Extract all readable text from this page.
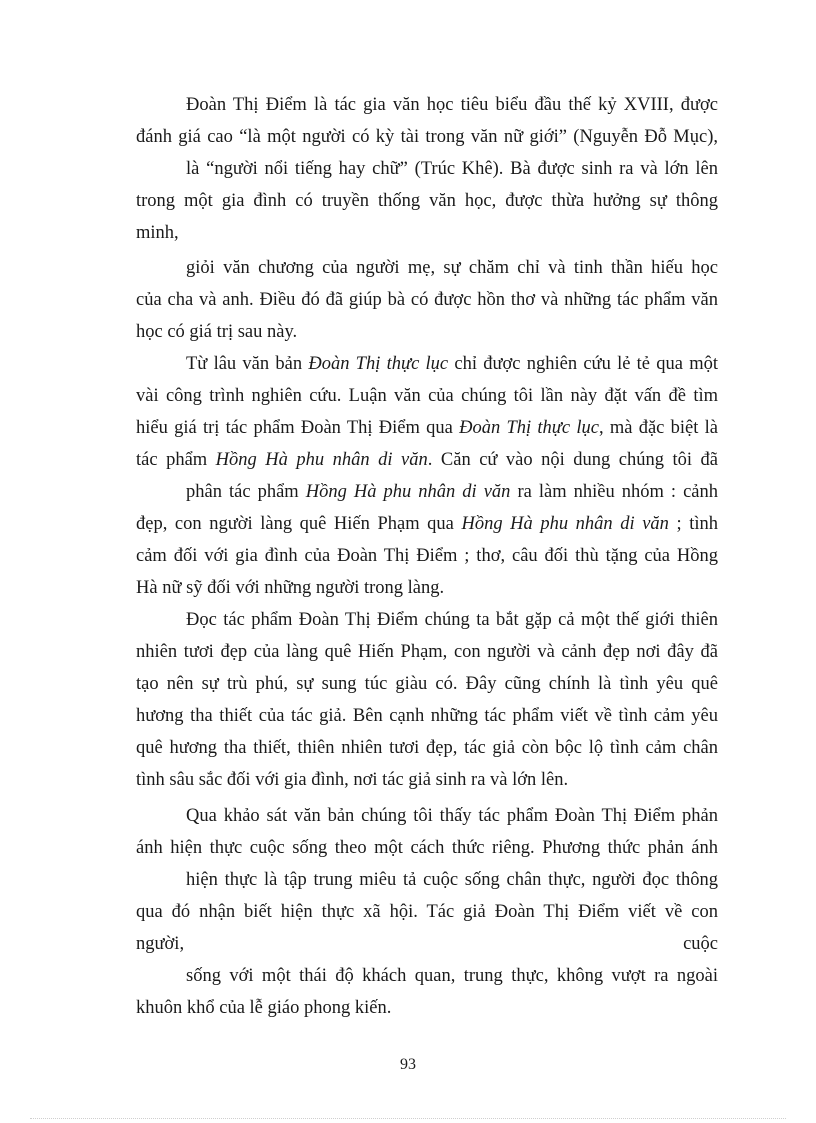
Đoàn Thị Điểm là tác gia văn học tiêu biểu đầu thế kỷ XVIII, được
đánh giá cao “là một người có kỳ tài trong văn nữ giới” (Nguyễn Đỗ Mục),
là “người nổi tiếng hay chữ” (Trúc Khê). Bà được sinh ra và lớn lên
trong một gia đình có truyền thống văn học, được thừa hưởng sự thông
minh,
giỏi văn chương của người mẹ, sự chăm chỉ và tinh thần hiếu học
của cha và anh. Điều đó đã giúp bà có được hồn thơ và những tác phẩm văn
học có giá trị sau này.
Từ lâu văn bản Đoàn Thị thực lục chỉ được nghiên cứu lẻ tẻ qua một
vài công trình nghiên cứu. Luận văn của chúng tôi lần này đặt vấn đề tìm
hiểu giá trị tác phẩm Đoàn Thị Điểm qua Đoàn Thị thực lục, mà đặc biệt là
tác phẩm Hồng Hà phu nhân di văn. Căn cứ vào nội dung chúng tôi đã
phân tác phẩm Hồng Hà phu nhân di văn ra làm nhiều nhóm : cảnh
đẹp, con người làng quê Hiến Phạm qua Hồng Hà phu nhân di văn ; tình
cảm đối với gia đình của Đoàn Thị Điểm ; thơ, câu đối thù tặng của Hồng
Hà nữ sỹ đối với những người trong làng.
Đọc tác phẩm Đoàn Thị Điểm chúng ta bắt gặp cả một thế giới thiên
nhiên tươi đẹp của làng quê Hiến Phạm, con người và cảnh đẹp nơi đây đã
tạo nên sự trù phú, sự sung túc giàu có. Đây cũng chính là tình yêu quê
hương tha thiết của tác giả. Bên cạnh những tác phẩm viết về tình cảm yêu
quê hương tha thiết, thiên nhiên tươi đẹp, tác giả còn bộc lộ tình cảm chân
tình sâu sắc đối với gia đình, nơi tác giả sinh ra và lớn lên.
Qua khảo sát văn bản chúng tôi thấy tác phẩm Đoàn Thị Điểm phản
ánh hiện thực cuộc sống theo một cách thức riêng. Phương thức phản ánh
hiện thực là tập trung miêu tả cuộc sống chân thực, người đọc thông
qua đó nhận biết hiện thực xã hội. Tác giả Đoàn Thị Điểm viết về con
người, cuộc
sống với một thái độ khách quan, trung thực, không vượt ra ngoài
khuôn khổ của lễ giáo phong kiến.
93
